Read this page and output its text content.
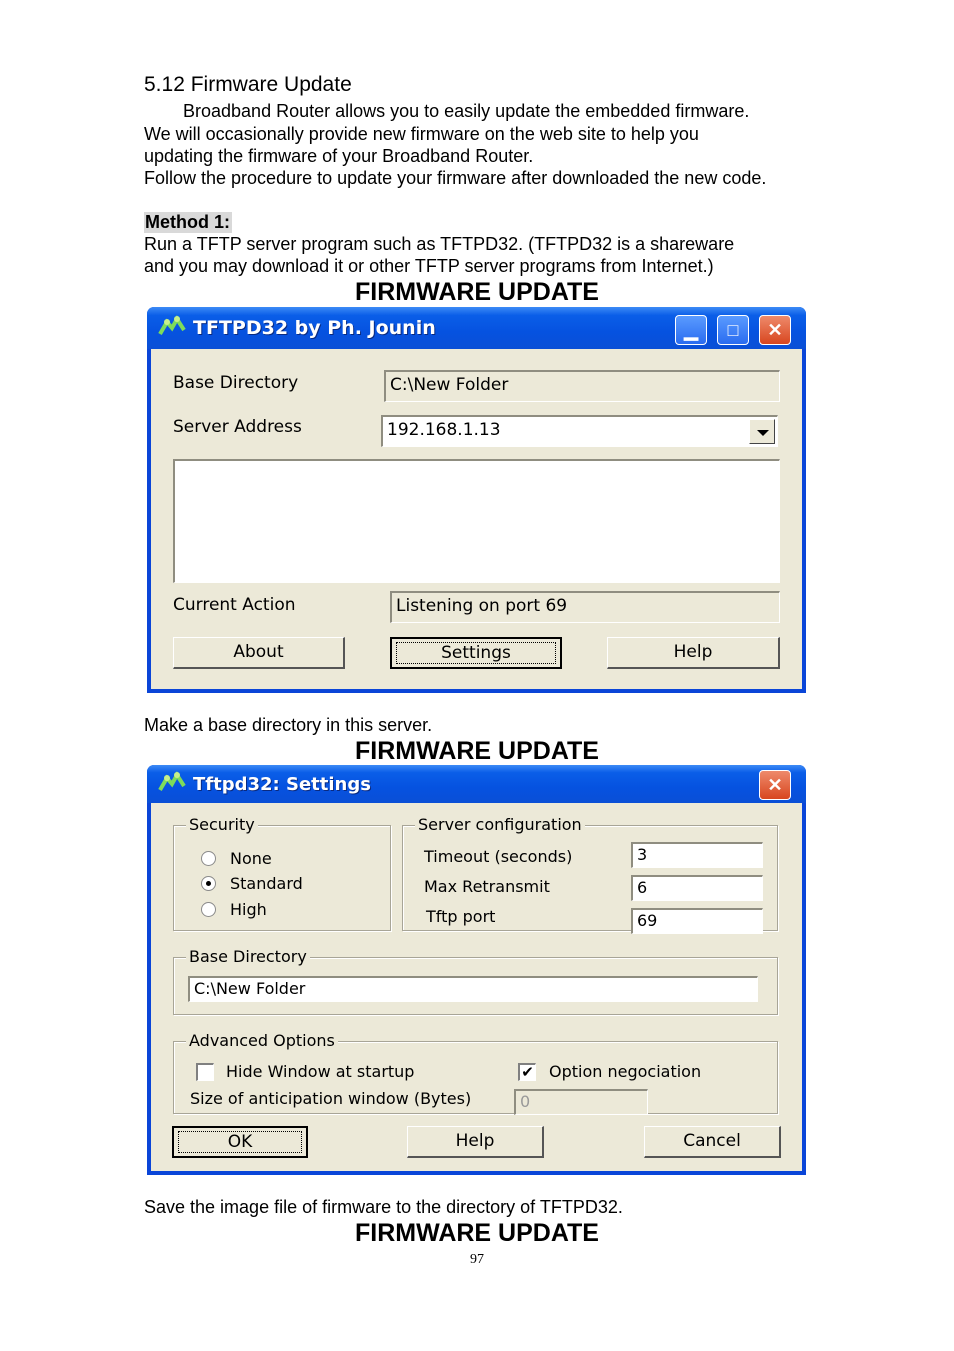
5.12 Firmware Update
Broadband Router allows you to easily update the embedded firmware.
We will occasionally provide new firmware on the web site to help you
updating the firmware of your Broadband Router.
Follow the procedure to update your firmware after downloaded the new code.
Method 1:
Run a TFTP server program such as TFTPD32. (TFTPD32 is a shareware
and you may download it or other TFTP server programs from Internet.)
FIRMWARE UPDATE
TFTPD32 by Ph. Jounin	▁	□	✕
Base Directory	C:\New Folder
Server Address	192.168.1.13
Current Action	Listening on port 69
About	Settings	Help
Make a base directory in this server.
FIRMWARE UPDATE
Tftpd32: Settings	✕
Security
None
Standard
High
Server configuration
Timeout (seconds)	3
Max Retransmit	6
Tftp port	69
Base Directory
C:\New Folder
Advanced Options
Hide Window at startup	✔ Option negociation
Size of anticipation window (Bytes)	0
OK	Help	Cancel
Save the image file of firmware to the directory of TFTPD32.
FIRMWARE UPDATE
97
